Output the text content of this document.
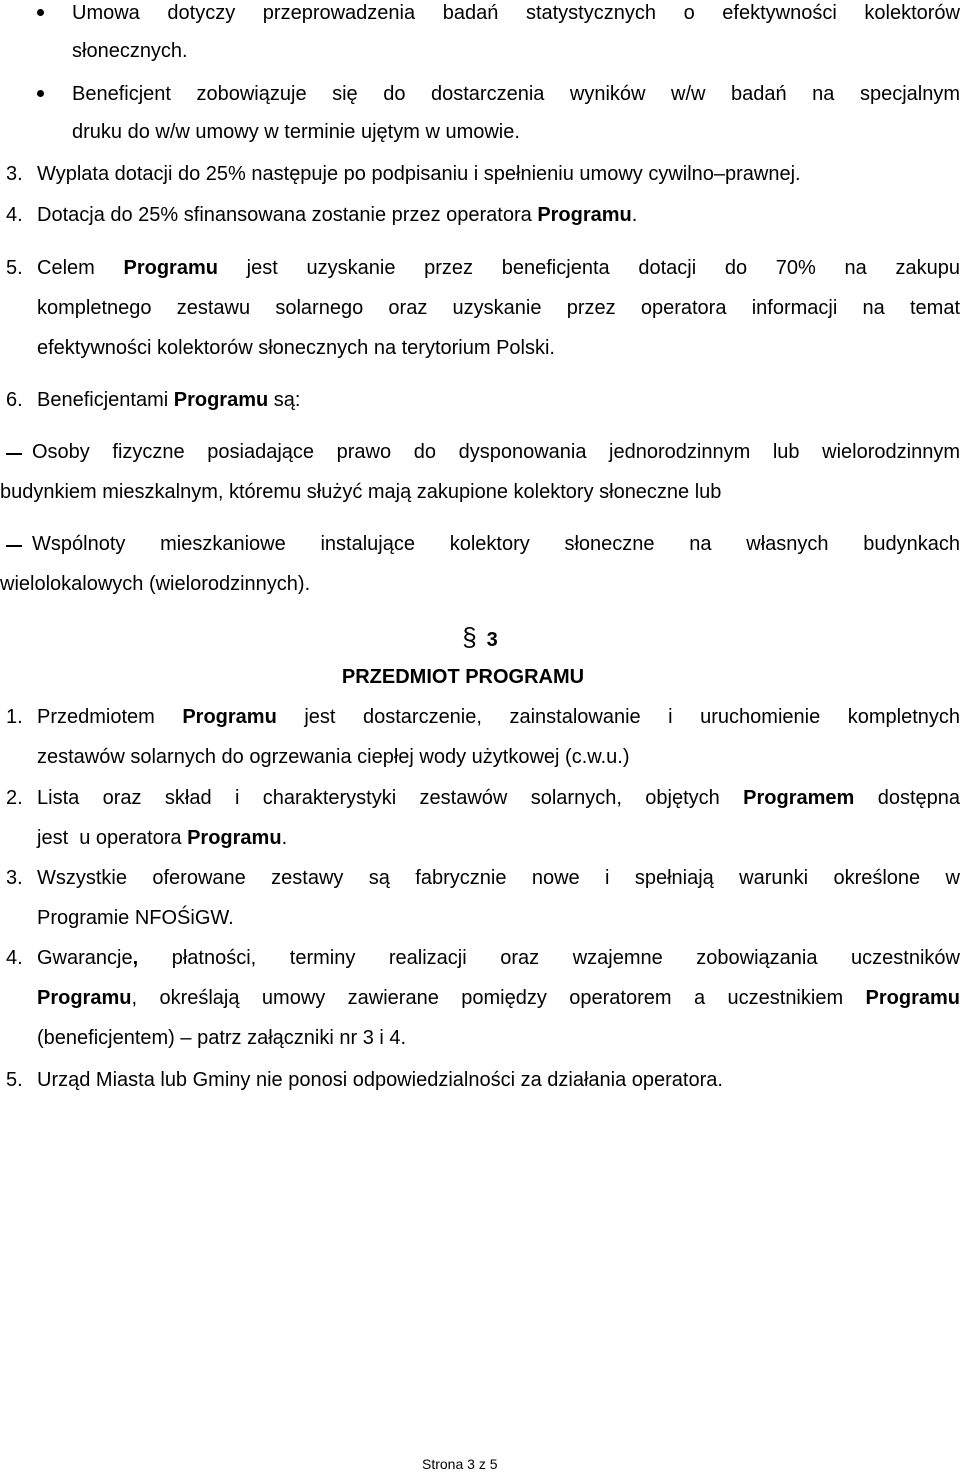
Umowa dotyczy przeprowadzenia badań statystycznych o efektywności kolektorów
słonecznych.
Beneficjent zobowiązuje się do dostarczenia wyników w/w badań na specjalnym
druku do w/w umowy w terminie ujętym w umowie.
3. Wyplata dotacji do 25% następuje po podpisaniu i spełnieniu umowy cywilno–prawnej.
4. Dotacja do 25% sfinansowana zostanie przez operatora Programu.
5. Celem Programu jest uzyskanie przez beneficjenta dotacji do 70% na zakupu
kompletnego zestawu solarnego oraz uzyskanie przez operatora informacji na temat
efektywności kolektorów słonecznych na terytorium Polski.
6. Beneficjentami Programu są:
Osoby fizyczne posiadające prawo do dysponowania jednorodzinnym lub wielorodzinnym
budynkiem mieszkalnym, któremu służyć mają zakupione kolektory słoneczne lub
Wspólnoty mieszkaniowe instalujące kolektory słoneczne na własnych budynkach
wielolokalowych (wielorodzinnych).
§ 3
PRZEDMIOT PROGRAMU
1. Przedmiotem Programu jest dostarczenie, zainstalowanie i uruchomienie kompletnych
zestawów solarnych do ogrzewania ciepłej wody użytkowej (c.w.u.)
2. Lista oraz skład i charakterystyki zestawów solarnych, objętych Programem dostępna
jest  u operatora Programu.
3. Wszystkie oferowane zestawy są fabrycznie nowe i spełniają warunki określone w
Programie NFOŚiGW.
4. Gwarancje, płatności, terminy realizacji oraz wzajemne zobowiązania uczestników
Programu, określają umowy zawierane pomiędzy operatorem a uczestnikiem Programu
(beneficjentem) – patrz załączniki nr 3 i 4.
5. Urząd Miasta lub Gminy nie ponosi odpowiedzialności za działania operatora.
Strona 3 z 5
